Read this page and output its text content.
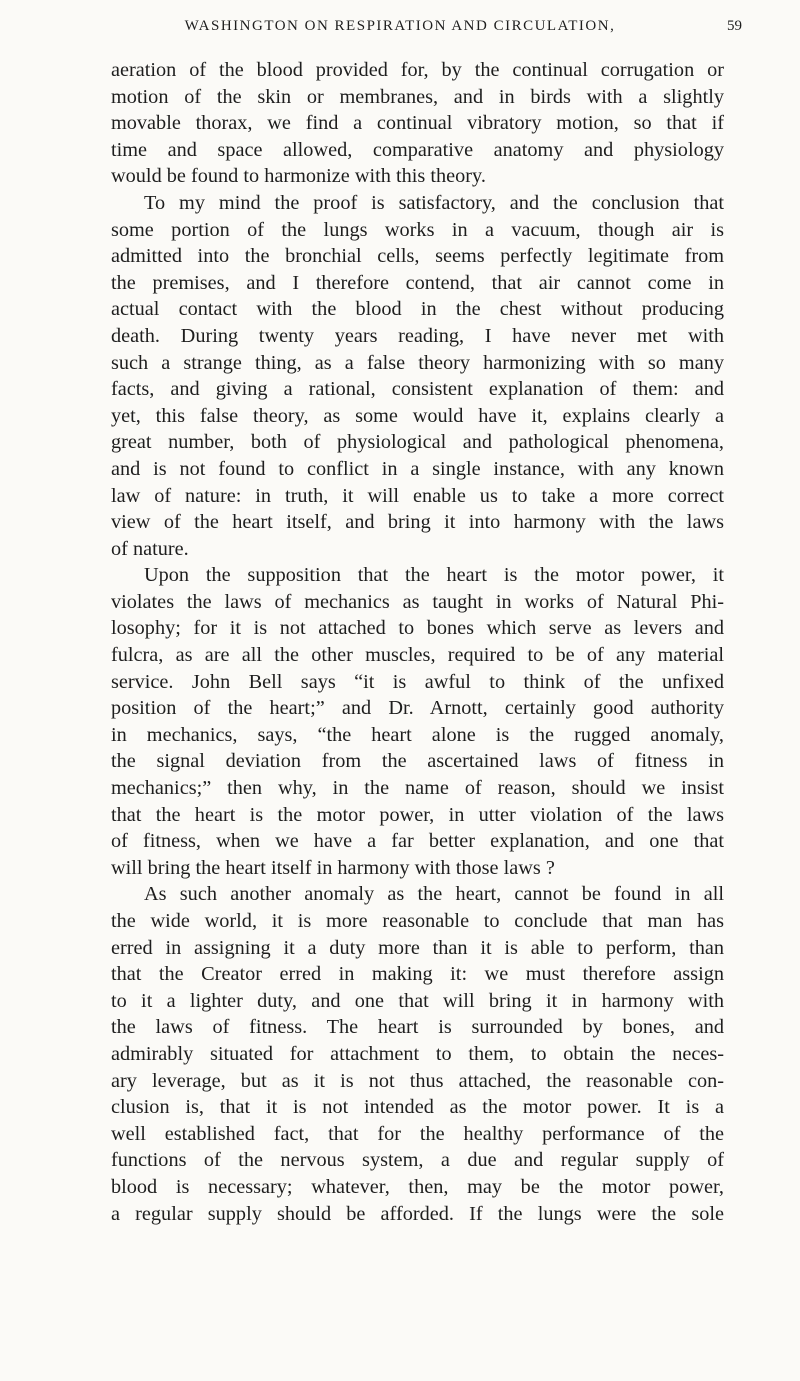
WASHINGTON ON RESPIRATION AND CIRCULATION,	59
aeration of the blood provided for, by the continual corrugation or
motion of the skin or membranes, and in birds with a slightly
movable thorax, we find a continual vibratory motion, so that if
time and space allowed, comparative anatomy and physiology
would be found to harmonize with this theory.
To my mind the proof is satisfactory, and the conclusion that
some portion of the lungs works in a vacuum, though air is
admitted into the bronchial cells, seems perfectly legitimate from
the premises, and I therefore contend, that air cannot come in
actual contact with the blood in the chest without producing
death. During twenty years reading, I have never met with
such a strange thing, as a false theory harmonizing with so many
facts, and giving a rational, consistent explanation of them: and
yet, this false theory, as some would have it, explains clearly a
great number, both of physiological and pathological phenomena,
and is not found to conflict in a single instance, with any known
law of nature: in truth, it will enable us to take a more correct
view of the heart itself, and bring it into harmony with the laws
of nature.
Upon the supposition that the heart is the motor power, it
violates the laws of mechanics as taught in works of Natural Phi-
losophy; for it is not attached to bones which serve as levers and
fulcra, as are all the other muscles, required to be of any material
service. John Bell says “it is awful to think of the unfixed
position of the heart;” and Dr. Arnott, certainly good authority
in mechanics, says, “the heart alone is the rugged anomaly,
the signal deviation from the ascertained laws of fitness in
mechanics;” then why, in the name of reason, should we insist
that the heart is the motor power, in utter violation of the laws
of fitness, when we have a far better explanation, and one that
will bring the heart itself in harmony with those laws ?
As such another anomaly as the heart, cannot be found in all
the wide world, it is more reasonable to conclude that man has
erred in assigning it a duty more than it is able to perform, than
that the Creator erred in making it: we must therefore assign
to it a lighter duty, and one that will bring it in harmony with
the laws of fitness. The heart is surrounded by bones, and
admirably situated for attachment to them, to obtain the neces-
ary leverage, but as it is not thus attached, the reasonable con-
clusion is, that it is not intended as the motor power. It is a
well established fact, that for the healthy performance of the
functions of the nervous system, a due and regular supply of
blood is necessary; whatever, then, may be the motor power,
a regular supply should be afforded. If the lungs were the sole
